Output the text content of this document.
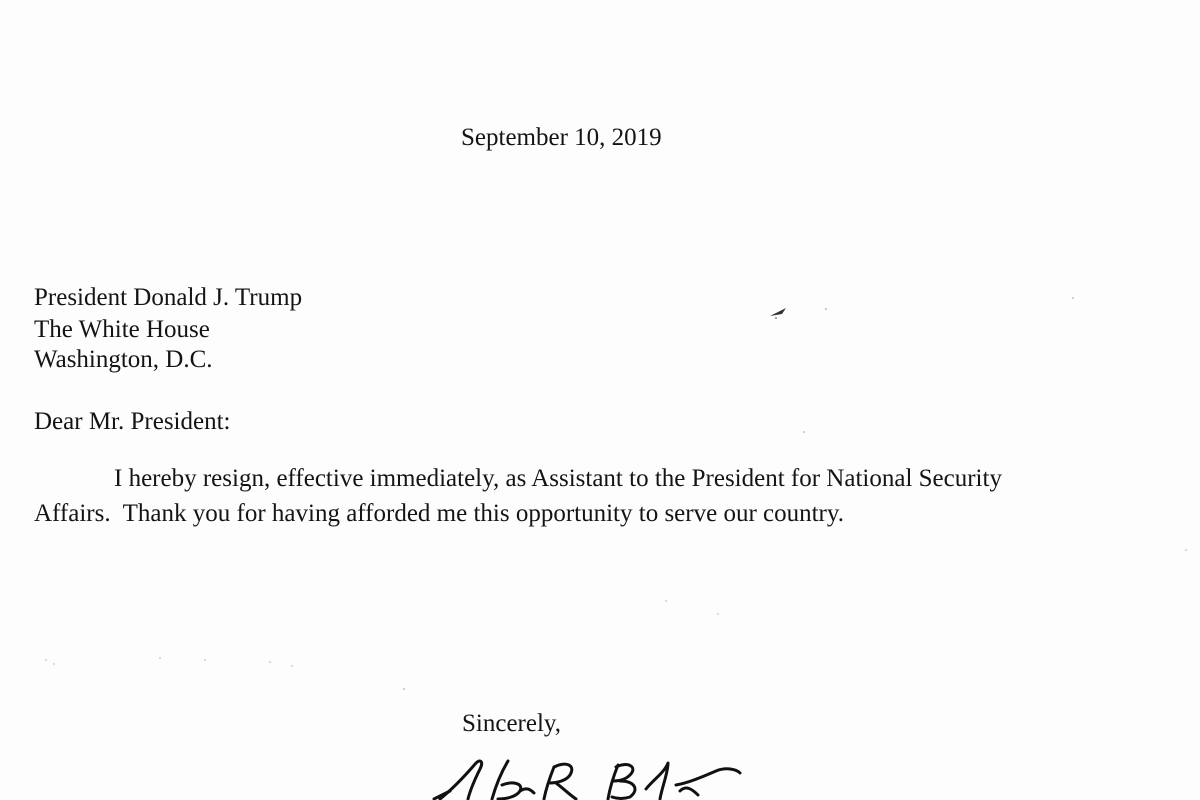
September 10, 2019
President Donald J. Trump
The White House
Washington, D.C.
Dear Mr. President:
I hereby resign, effective immediately, as Assistant to the President for National Security
Affairs.  Thank you for having afforded me this opportunity to serve our country.
Sincerely,
